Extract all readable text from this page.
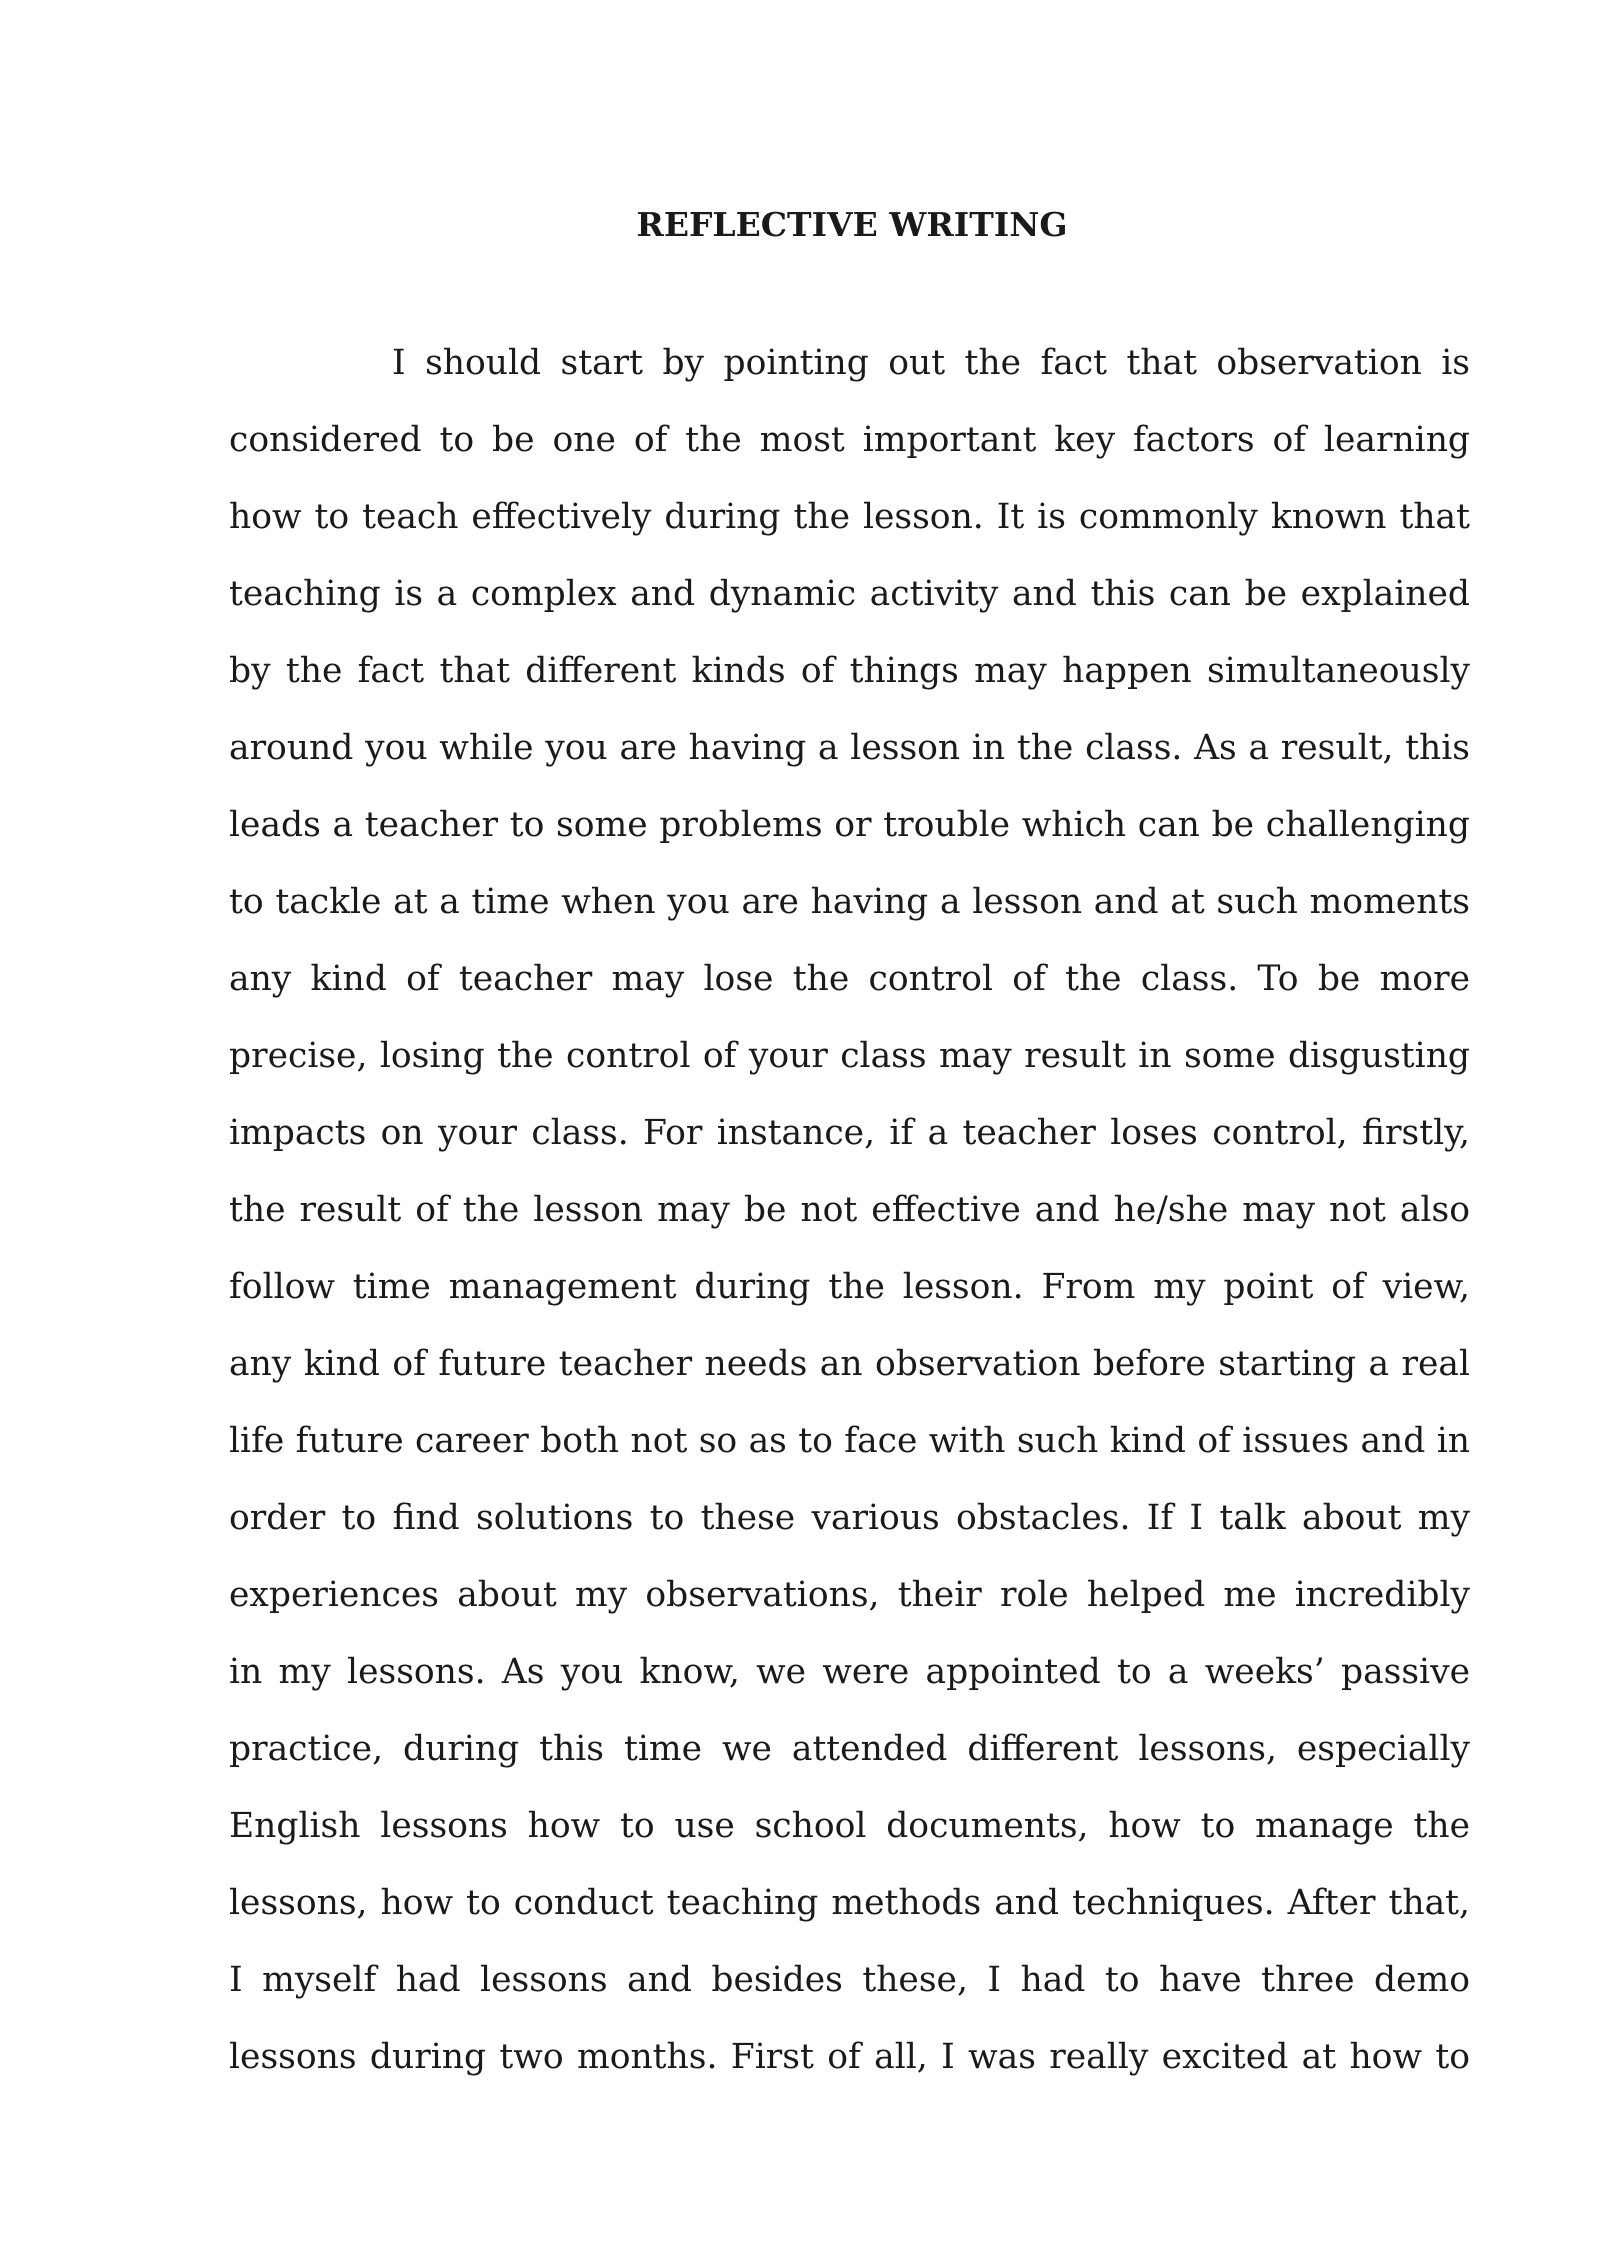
REFLECTIVE WRITING
I should start by pointing out the fact that observation is
considered to be one of the most important key factors of learning
how to teach effectively during the lesson. It is commonly known that
teaching is a complex and dynamic activity and this can be explained
by the fact that different kinds of things may happen simultaneously
around you while you are having a lesson in the class. As a result, this
leads a teacher to some problems or trouble which can be challenging
to tackle at a time when you are having a lesson and at such moments
any kind of teacher may lose the control of the class. To be more
precise, losing the control of your class may result in some disgusting
impacts on your class. For instance, if a teacher loses control, firstly,
the result of the lesson may be not effective and he/she may not also
follow time management during the lesson. From my point of view,
any kind of future teacher needs an observation before starting a real
life future career both not so as to face with such kind of issues and in
order to find solutions to these various obstacles. If I talk about my
experiences about my observations, their role helped me incredibly
in my lessons. As you know, we were appointed to a weeks’ passive
practice, during this time we attended different lessons, especially
English lessons how to use school documents, how to manage the
lessons, how to conduct teaching methods and techniques. After that,
I myself had lessons and besides these, I had to have three demo
lessons during two months. First of all, I was really excited at how to
